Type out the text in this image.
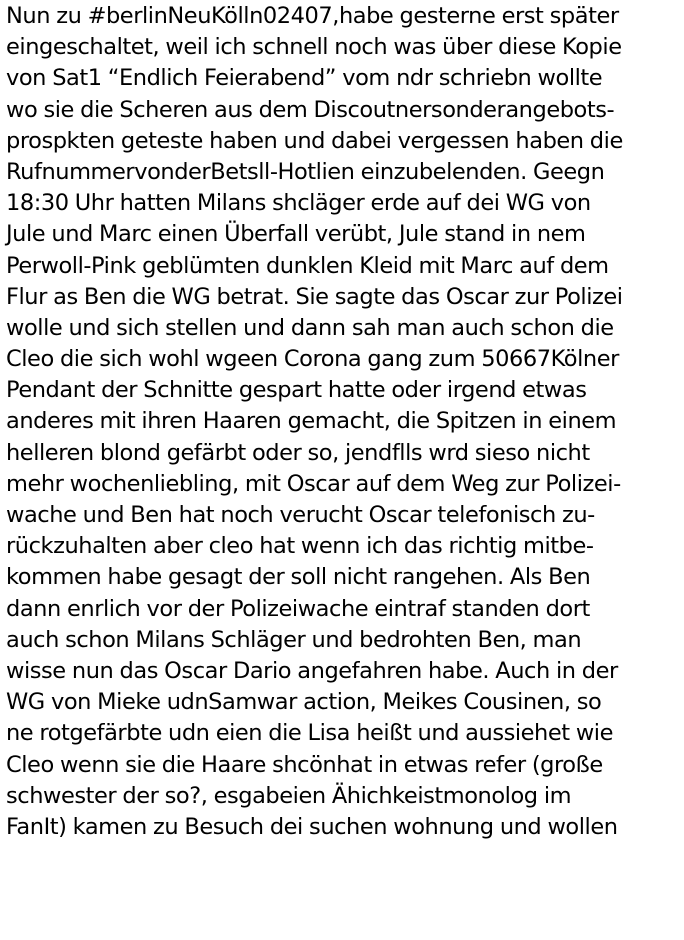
Nun zu #berlinNeuKölln02407,habe gesterne erst später
eingeschaltet, weil ich schnell noch was über diese Kopie
von Sat1 “Endlich Feierabend” vom ndr schriebn wollte
wo sie die Scheren aus dem Discoutnersonderangebots-
prospkten geteste haben und dabei vergessen haben die
RufnummervonderBetsll-Hotlien einzubelenden. Geegn
18:30 Uhr hatten Milans shcläger erde auf dei WG von
Jule und Marc einen Überfall verübt, Jule stand in nem
Perwoll-Pink geblümten dunklen Kleid mit Marc auf dem
Flur as Ben die WG betrat. Sie sagte das Oscar zur Polizei
wolle und sich stellen und dann sah man auch schon die
Cleo die sich wohl wgeen Corona gang zum 50667Kölner
Pendant der Schnitte gespart hatte oder irgend etwas
anderes mit ihren Haaren gemacht, die Spitzen in einem
helleren blond gefärbt oder so, jendflls wrd sieso nicht
mehr wochenliebling, mit Oscar auf dem Weg zur Polizei-
wache und Ben hat noch verucht Oscar telefonisch zu-
rückzuhalten aber cleo hat wenn ich das richtig mitbe-
kommen habe gesagt der soll nicht rangehen. Als Ben
dann enrlich vor der Polizeiwache eintraf standen dort
auch schon Milans Schläger und bedrohten Ben, man
wisse nun das Oscar Dario angefahren habe. Auch in der
WG von Mieke udnSamwar action, Meikes Cousinen, so
ne rotgefärbte udn eien die Lisa heißt und aussiehet wie
Cleo wenn sie die Haare shcönhat in etwas refer (große
schwester der so?, esgabeien Ähichkeistmonolog im
FanIt) kamen zu Besuch dei suchen wohnung und wollen
